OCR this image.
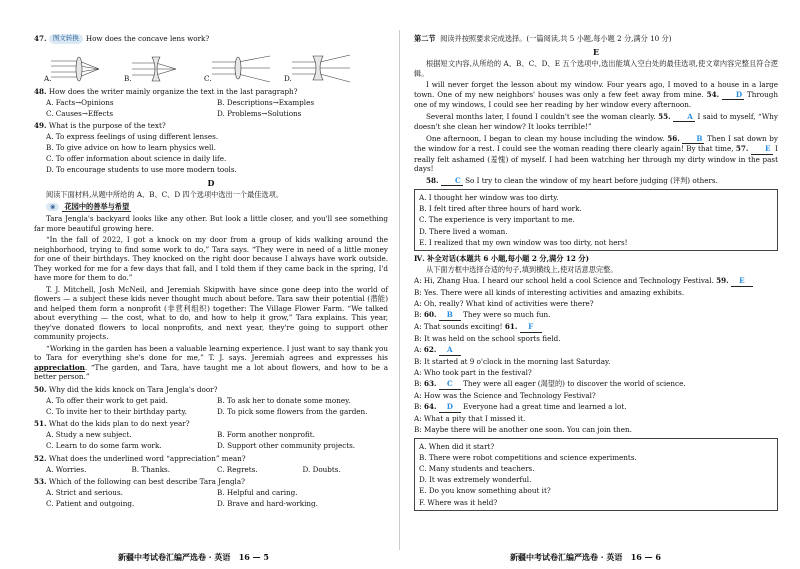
47.
图文转换 How does the concave lens work?
A.	B.	C.	D.
48. How does the writer mainly organize the text in the last paragraph?
A. Facts→Opinions	B. Descriptions→Examples
C. Causes→Effects	D. Problems→Solutions
49. What is the purpose of the text?
A. To express feelings of using different lenses.
B. To give advice on how to learn physics well.
C. To offer information about science in daily life.
D. To encourage students to use more modern tools.
D

阅读下面材料,从题中所给的 A、B、C、D 四个选项中选出一个最佳选项。

❀ 花园中的善举与希望

Tara Jengla's backyard looks like any other. But look a little closer, and you'll see something far more beautiful growing here.

“In the fall of 2022, I got a knock on my door from a group of kids walking around the neighborhood, trying to find some work to do,” Tara says. “They were in need of a little money for one of their birthdays. They knocked on the right door because I always have work outside. They worked for me for a few days that fall, and I told them if they came back in the spring, I'd have more for them to do.”

T. J. Mitchell, Josh McNeil, and Jeremiah Skipwith have since gone deep into the world of flowers — a subject these kids never thought much about before. Tara saw their potential (潜能) and helped them form a nonprofit (非营利组织) together: The Village Flower Farm. “We talked about everything — the cost, what to do, and how to help it grow,” Tara explains. This year, they've donated flowers to local nonprofits, and next year, they're going to support other community projects.

“Working in the garden has been a valuable learning experience. I just want to say thank you to Tara for everything she's done for me,” T. J. says. Jeremiah agrees and expresses his appreciation. “The garden, and Tara, have taught me a lot about flowers, and how to be a better person.”

50. Why did the kids knock on Tara Jengla's door?
A. To offer their work to get paid.	B. To ask her to donate some money.
C. To invite her to their birthday party.	D. To pick some flowers from the garden.
51. What do the kids plan to do next year?
A. Study a new subject.	B. Form another nonprofit.
C. Learn to do some farm work.	D. Support other community projects.
52. What does the underlined word “appreciation” mean?
A. Worries.	B. Thanks.	C. Regrets.	D. Doubts.
53. Which of the following can best describe Tara Jengla?
A. Strict and serious.	B. Helpful and caring.
C. Patient and outgoing.	D. Brave and hard-working.
新疆中考试卷汇编严选卷 · 英语 16 — 5
第二节 阅读并按照要求完成选择。(一篇阅读,共 5 小题,每小题 2 分,满分 10 分)
E

根据短文内容,从所给的 A、B、C、D、E 五个选项中,选出能填入空白处的最佳选项,使文章内容完整且符合逻辑。

I will never forget the lesson about my window. Four years ago, I moved to a house in a large town. One of my new neighbors' houses was only a few feet away from mine. 54. D Through one of my windows, I could see her reading by her window every afternoon.

Several months later, I found I couldn't see the woman clearly. 55. A I said to myself, “Why doesn't she clean her window? It looks terrible!”

One afternoon, I began to clean my house including the window. 56. B Then I sat down by the window for a rest. I could see the woman reading there clearly again! By that time, 57. E I really felt ashamed (羞愧) of myself. I had been watching her through my dirty window in the past days!

58. C So I try to clean the window of my heart before judging (评判) others.

A. I thought her window was too dirty.
B. I felt tired after three hours of hard work.
C. The experience is very important to me.
D. There lived a woman.
E. I realized that my own window was too dirty, not hers!
Ⅳ. 补全对话(本题共 6 小题,每小题 2 分,满分 12 分)

从下面方框中选择合适的句子,填到横线上,使对话意思完整。

A: Hi, Zhang Hua. I heard our school held a cool Science and Technology Festival. 59. E
B: Yes. There were all kinds of interesting activities and amazing exhibits.
A: Oh, really? What kind of activities were there?
B: 60. B They were so much fun.
A: That sounds exciting! 61. F
B: It was held on the school sports field.
A: 62. A
B: It started at 9 o'clock in the morning last Saturday.
A: Who took part in the festival?
B: 63. C They were all eager (渴望的) to discover the world of science.
A: How was the Science and Technology Festival?
B: 64. D Everyone had a great time and learned a lot.
A: What a pity that I missed it.
B: Maybe there will be another one soon. You can join then.
A. When did it start?
B. There were robot competitions and science experiments.
C. Many students and teachers.
D. It was extremely wonderful.
E. Do you know something about it?
F. Where was it held?
新疆中考试卷汇编严选卷 · 英语 16 — 6
